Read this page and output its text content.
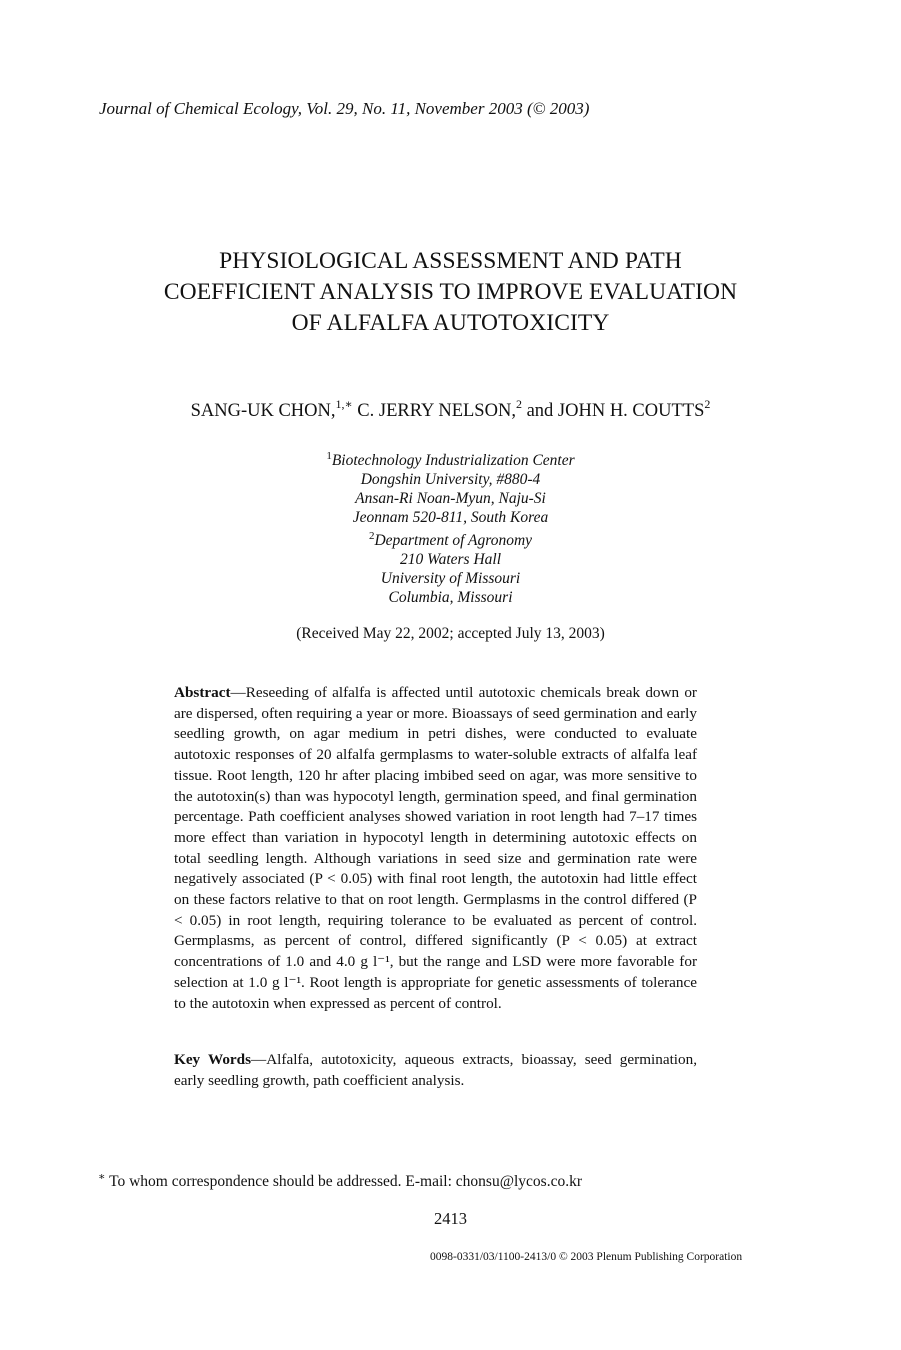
Journal of Chemical Ecology, Vol. 29, No. 11, November 2003 (© 2003)
PHYSIOLOGICAL ASSESSMENT AND PATH
COEFFICIENT ANALYSIS TO IMPROVE EVALUATION
OF ALFALFA AUTOTOXICITY
SANG-UK CHON,$^{1,∗}$ C. JERRY NELSON,$^2$ and JOHN H. COUTTS$^2$
$^1$Biotechnology Industrialization Center
Dongshin University, #880-4
Ansan-Ri Noan-Myun, Naju-Si
Jeonnam 520-811, South Korea
$^2$Department of Agronomy
210 Waters Hall
University of Missouri
Columbia, Missouri
(Received May 22, 2002; accepted July 13, 2003)
Abstract—Reseeding of alfalfa is affected until autotoxic chemicals break down or are dispersed, often requiring a year or more. Bioassays of seed germination and early seedling growth, on agar medium in petri dishes, were conducted to evaluate autotoxic responses of 20 alfalfa germplasms to water-soluble extracts of alfalfa leaf tissue. Root length, 120 hr after placing imbibed seed on agar, was more sensitive to the autotoxin(s) than was hypocotyl length, germination speed, and final germination percentage. Path coefficient analyses showed variation in root length had 7–17 times more effect than variation in hypocotyl length in determining autotoxic effects on total seedling length. Although variations in seed size and germination rate were negatively associated (P < 0.05) with final root length, the autotoxin had little effect on these factors relative to that on root length. Germplasms in the control differed (P < 0.05) in root length, requiring tolerance to be evaluated as percent of control. Germplasms, as percent of control, differed significantly (P < 0.05) at extract concentrations of 1.0 and 4.0 g l⁻¹, but the range and LSD were more favorable for selection at 1.0 g l⁻¹. Root length is appropriate for genetic assessments of tolerance to the autotoxin when expressed as percent of control.
Key Words—Alfalfa, autotoxicity, aqueous extracts, bioassay, seed germination, early seedling growth, path coefficient analysis.
∗ To whom correspondence should be addressed. E-mail: chonsu@lycos.co.kr
2413
0098-0331/03/1100-2413/0 © 2003 Plenum Publishing Corporation
